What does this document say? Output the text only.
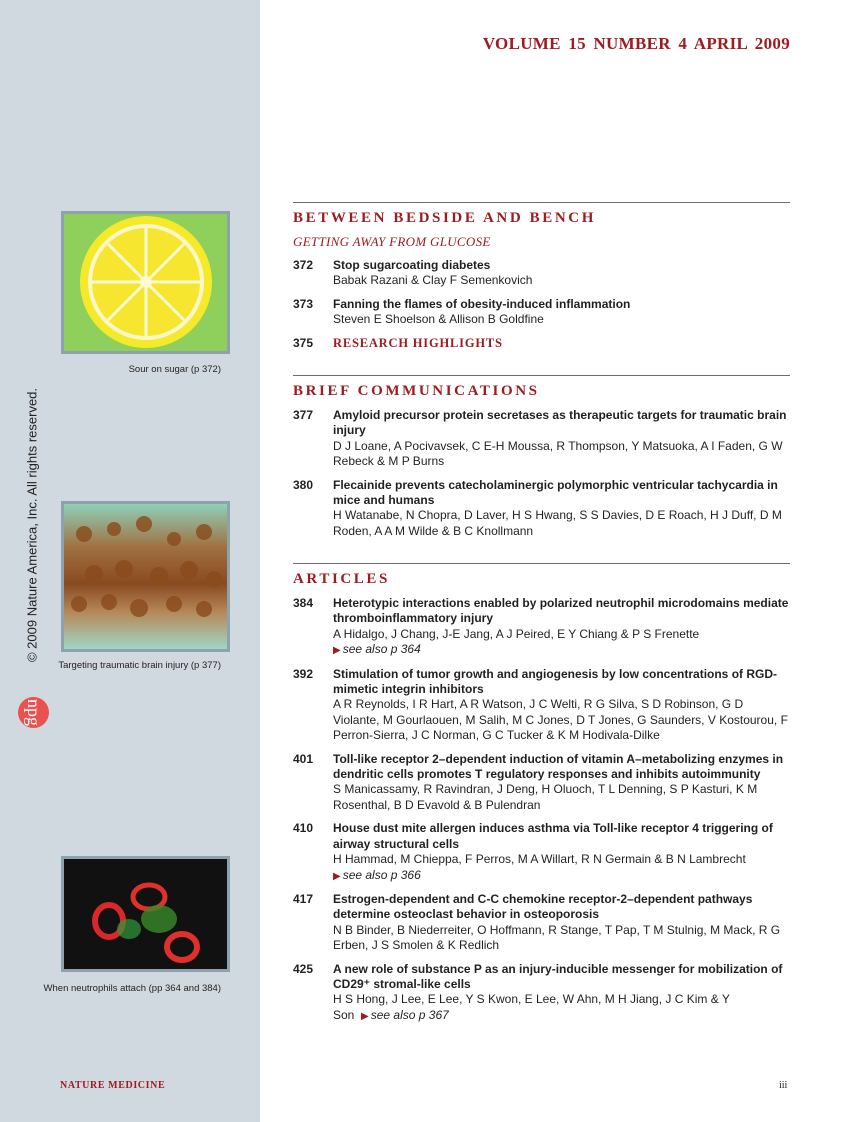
Sour on sugar (p 372)
Targeting traumatic brain injury (p 377)
When neutrophils attach (pp 364 and 384)
© 2009 Nature America, Inc. All rights reserved.
npg
VOLUME 15 NUMBER 4 APRIL 2009
BETWEEN BEDSIDE AND BENCH
GETTING AWAY FROM GLUCOSE
372	Stop sugarcoating diabetes
Babak Razani & Clay F Semenkovich
373	Fanning the flames of obesity-induced inflammation
Steven E Shoelson & Allison B Goldfine
375	RESEARCH HIGHLIGHTS
BRIEF COMMUNICATIONS
377	Amyloid precursor protein secretases as therapeutic targets for traumatic brain injury
D J Loane, A Pocivavsek, C E-H Moussa, R Thompson, Y Matsuoka, A I Faden, G W Rebeck & M P Burns
380	Flecainide prevents catecholaminergic polymorphic ventricular tachycardia in mice and humans
H Watanabe, N Chopra, D Laver, H S Hwang, S S Davies, D E Roach, H J Duff, D M Roden, A A M Wilde & B C Knollmann
ARTICLES
384	Heterotypic interactions enabled by polarized neutrophil microdomains mediate thromboinflammatory injury
A Hidalgo, J Chang, J-E Jang, A J Peired, E Y Chiang & P S Frenette
▶ see also p 364
392	Stimulation of tumor growth and angiogenesis by low concentrations of RGD-mimetic integrin inhibitors
A R Reynolds, I R Hart, A R Watson, J C Welti, R G Silva, S D Robinson, G D Violante, M Gourlaouen, M Salih, M C Jones, D T Jones, G Saunders, V Kostourou, F Perron-Sierra, J C Norman, G C Tucker & K M Hodivala-Dilke
401	Toll-like receptor 2–dependent induction of vitamin A–metabolizing enzymes in dendritic cells promotes T regulatory responses and inhibits autoimmunity
S Manicassamy, R Ravindran, J Deng, H Oluoch, T L Denning, S P Kasturi, K M Rosenthal, B D Evavold & B Pulendran
410	House dust mite allergen induces asthma via Toll-like receptor 4 triggering of airway structural cells
H Hammad, M Chieppa, F Perros, M A Willart, R N Germain & B N Lambrecht
▶ see also p 366
417	Estrogen-dependent and C-C chemokine receptor-2–dependent pathways determine osteoclast behavior in osteoporosis
N B Binder, B Niederreiter, O Hoffmann, R Stange, T Pap, T M Stulnig, M Mack, R G Erben, J S Smolen & K Redlich
425	A new role of substance P as an injury-inducible messenger for mobilization of CD29⁺ stromal-like cells
H S Hong, J Lee, E Lee, Y S Kwon, E Lee, W Ahn, M H Jiang, J C Kim & Y Son ▶ see also p 367
NATURE MEDICINE	iii
